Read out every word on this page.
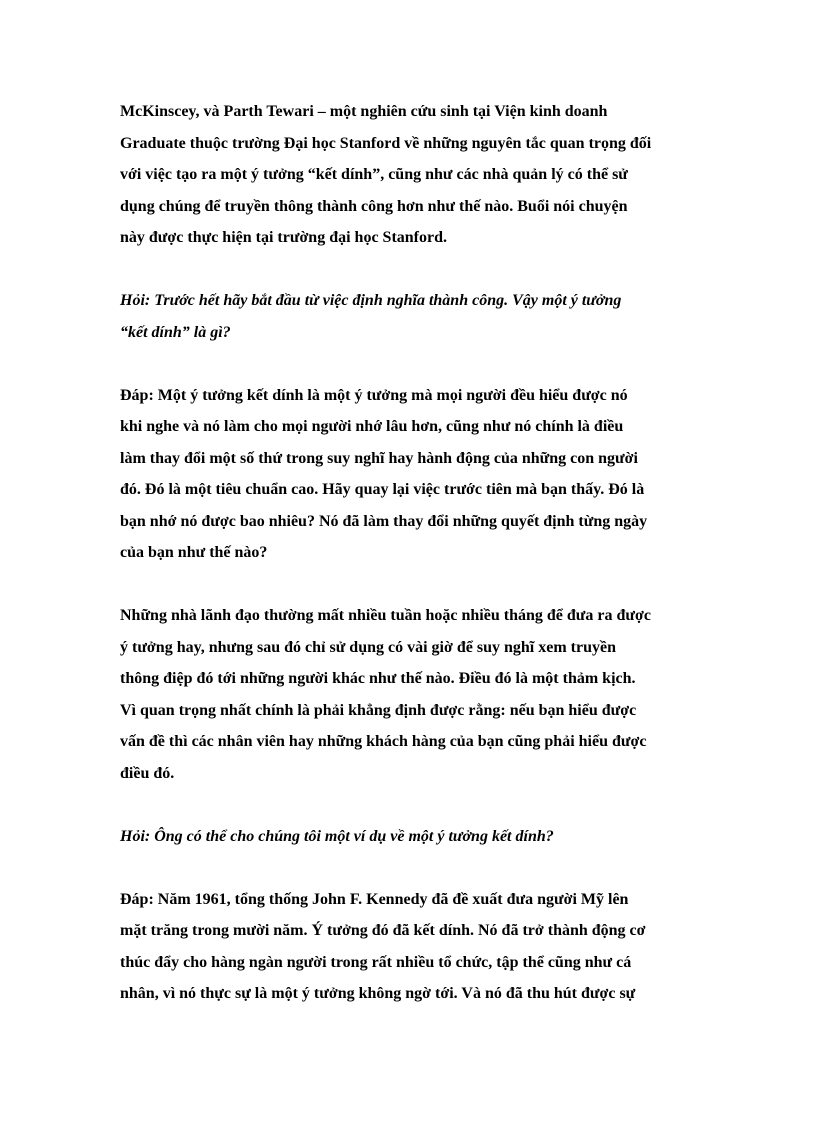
McKinscey, và Parth Tewari – một nghiên cứu sinh tại Viện kinh doanh
Graduate thuộc trường Đại học Stanford về những nguyên tắc quan trọng đối
với việc tạo ra một ý tưởng “kết dính”, cũng như các nhà quản lý có thể sử
dụng chúng để truyền thông thành công hơn như thế nào. Buổi nói chuyện
này được thực hiện tại trường đại học Stanford.

Hỏi: Trước hết hãy bắt đầu từ việc định nghĩa thành công. Vậy một ý tưởng
“kết dính” là gì?

Đáp: Một ý tưởng kết dính là một ý tưởng mà mọi người đều hiểu được nó
khi nghe và nó làm cho mọi người nhớ lâu hơn, cũng như nó chính là điều
làm thay đổi một số thứ trong suy nghĩ hay hành động của những con người
đó. Đó là một tiêu chuẩn cao. Hãy quay lại việc trước tiên mà bạn thấy. Đó là
bạn nhớ nó được bao nhiêu? Nó đã làm thay đổi những quyết định từng ngày
của bạn như thế nào?

Những nhà lãnh đạo thường mất nhiều tuần hoặc nhiều tháng để đưa ra được
ý tưởng hay, nhưng sau đó chỉ sử dụng có vài giờ để suy nghĩ xem truyền
thông điệp đó tới những người khác như thế nào. Điều đó là một thảm kịch.
Vì quan trọng nhất chính là phải khẳng định được rằng: nếu bạn hiểu được
vấn đề thì các nhân viên hay những khách hàng của bạn cũng phải hiểu được
điều đó.

Hỏi: Ông có thể cho chúng tôi một ví dụ về một ý tưởng kết dính?

Đáp: Năm 1961, tổng thống John F. Kennedy đã đề xuất đưa người Mỹ lên
mặt trăng trong mười năm. Ý tưởng đó đã kết dính. Nó đã trở thành động cơ
thúc đẩy cho hàng ngàn người trong rất nhiều tổ chức, tập thể cũng như cá
nhân, vì nó thực sự là một ý tưởng không ngờ tới. Và nó đã thu hút được sự
